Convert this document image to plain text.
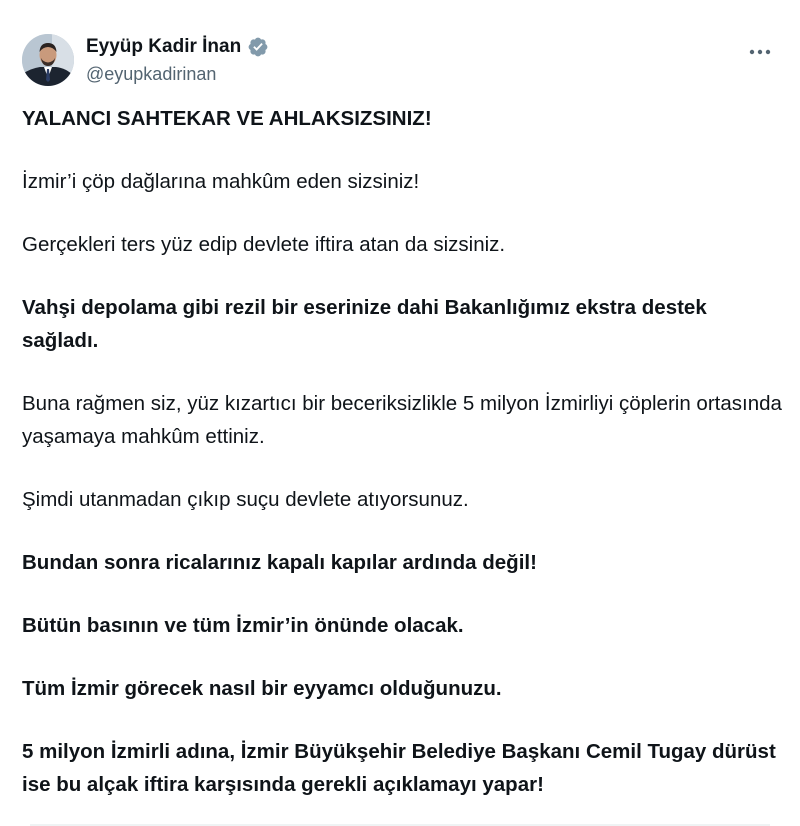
Eyyüp Kadir İnan
@eyupkadirinan

YALANCI SAHTEKAR VE AHLAKSIZSINIZ!

İzmir’i çöp dağlarına mahkûm eden sizsiniz!

Gerçekleri ters yüz edip devlete iftira atan da sizsiniz.

Vahşi depolama gibi rezil bir eserinize dahi Bakanlığımız ekstra destek sağladı.

Buna rağmen siz, yüz kızartıcı bir beceriksizlikle 5 milyon İzmirliyi çöplerin ortasında yaşamaya mahkûm ettiniz.

Şimdi utanmadan çıkıp suçu devlete atıyorsunuz.

Bundan sonra ricalarınız kapalı kapılar ardında değil!

Bütün basının ve tüm İzmir’in önünde olacak.

Tüm İzmir görecek nasıl bir eyyamcı olduğunuzu.

5 milyon İzmirli adına, İzmir Büyükşehir Belediye Başkanı Cemil Tugay dürüst ise bu alçak iftira karşısında gerekli açıklamayı yapar!
